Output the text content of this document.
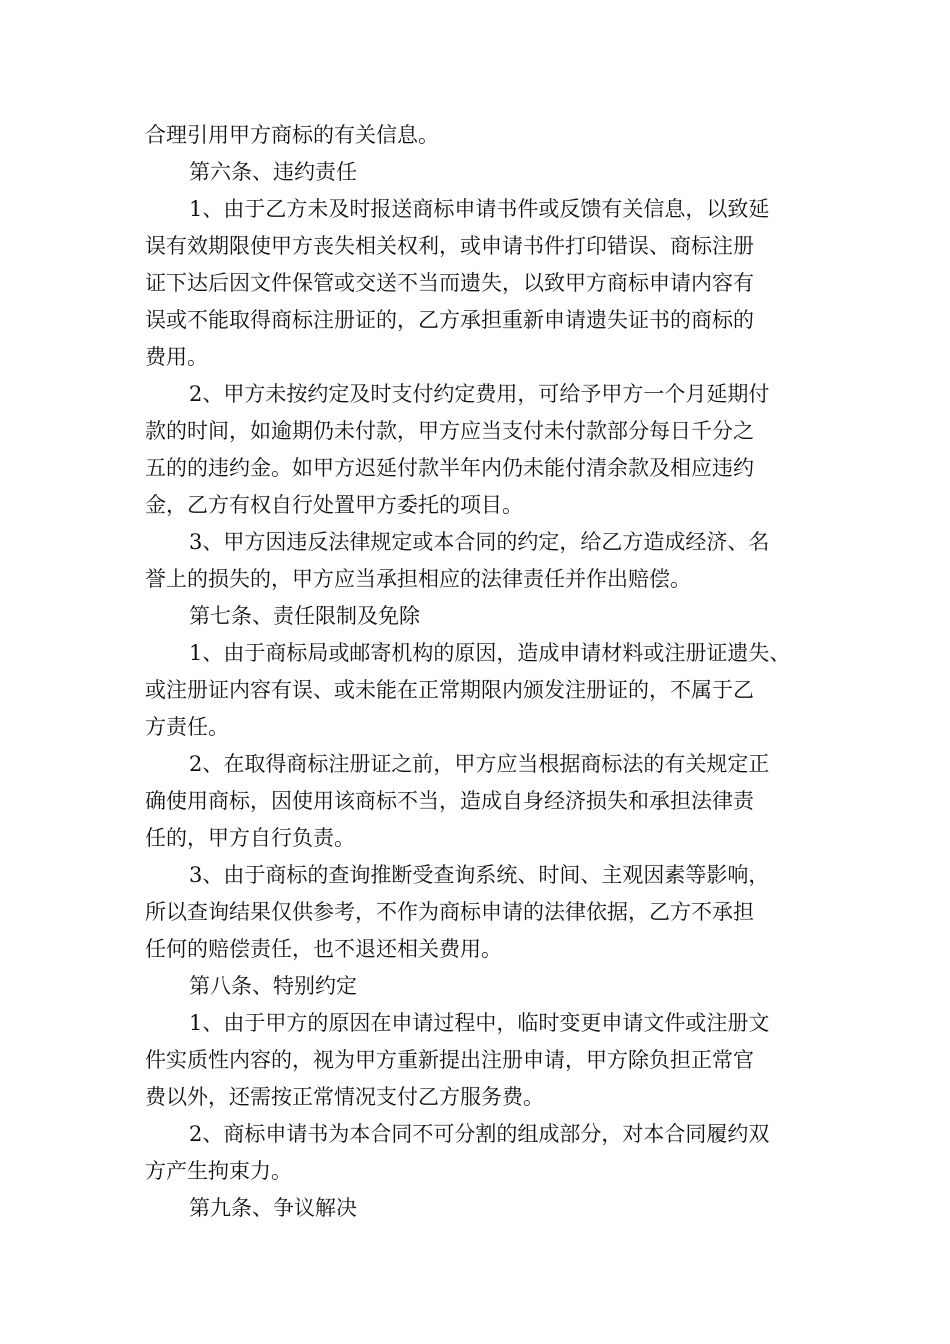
合理引用甲方商标的有关信息。
第六条、违约责任
1、由于乙方未及时报送商标申请书件或反馈有关信息，以致延
误有效期限使甲方丧失相关权利，或申请书件打印错误、商标注册
证下达后因文件保管或交送不当而遗失，以致甲方商标申请内容有
误或不能取得商标注册证的，乙方承担重新申请遗失证书的商标的
费用。
2、甲方未按约定及时支付约定费用，可给予甲方一个月延期付
款的时间，如逾期仍未付款，甲方应当支付未付款部分每日千分之
五的的违约金。如甲方迟延付款半年内仍未能付清余款及相应违约
金，乙方有权自行处置甲方委托的项目。
3、甲方因违反法律规定或本合同的约定，给乙方造成经济、名
誉上的损失的，甲方应当承担相应的法律责任并作出赔偿。
第七条、责任限制及免除
1、由于商标局或邮寄机构的原因，造成申请材料或注册证遗失、
或注册证内容有误、或未能在正常期限内颁发注册证的，不属于乙
方责任。
2、在取得商标注册证之前，甲方应当根据商标法的有关规定正
确使用商标，因使用该商标不当，造成自身经济损失和承担法律责
任的，甲方自行负责。
3、由于商标的查询推断受查询系统、时间、主观因素等影响，
所以查询结果仅供参考，不作为商标申请的法律依据，乙方不承担
任何的赔偿责任，也不退还相关费用。
第八条、特别约定
1、由于甲方的原因在申请过程中，临时变更申请文件或注册文
件实质性内容的，视为甲方重新提出注册申请，甲方除负担正常官
费以外，还需按正常情况支付乙方服务费。
2、商标申请书为本合同不可分割的组成部分，对本合同履约双
方产生拘束力。
第九条、争议解决
